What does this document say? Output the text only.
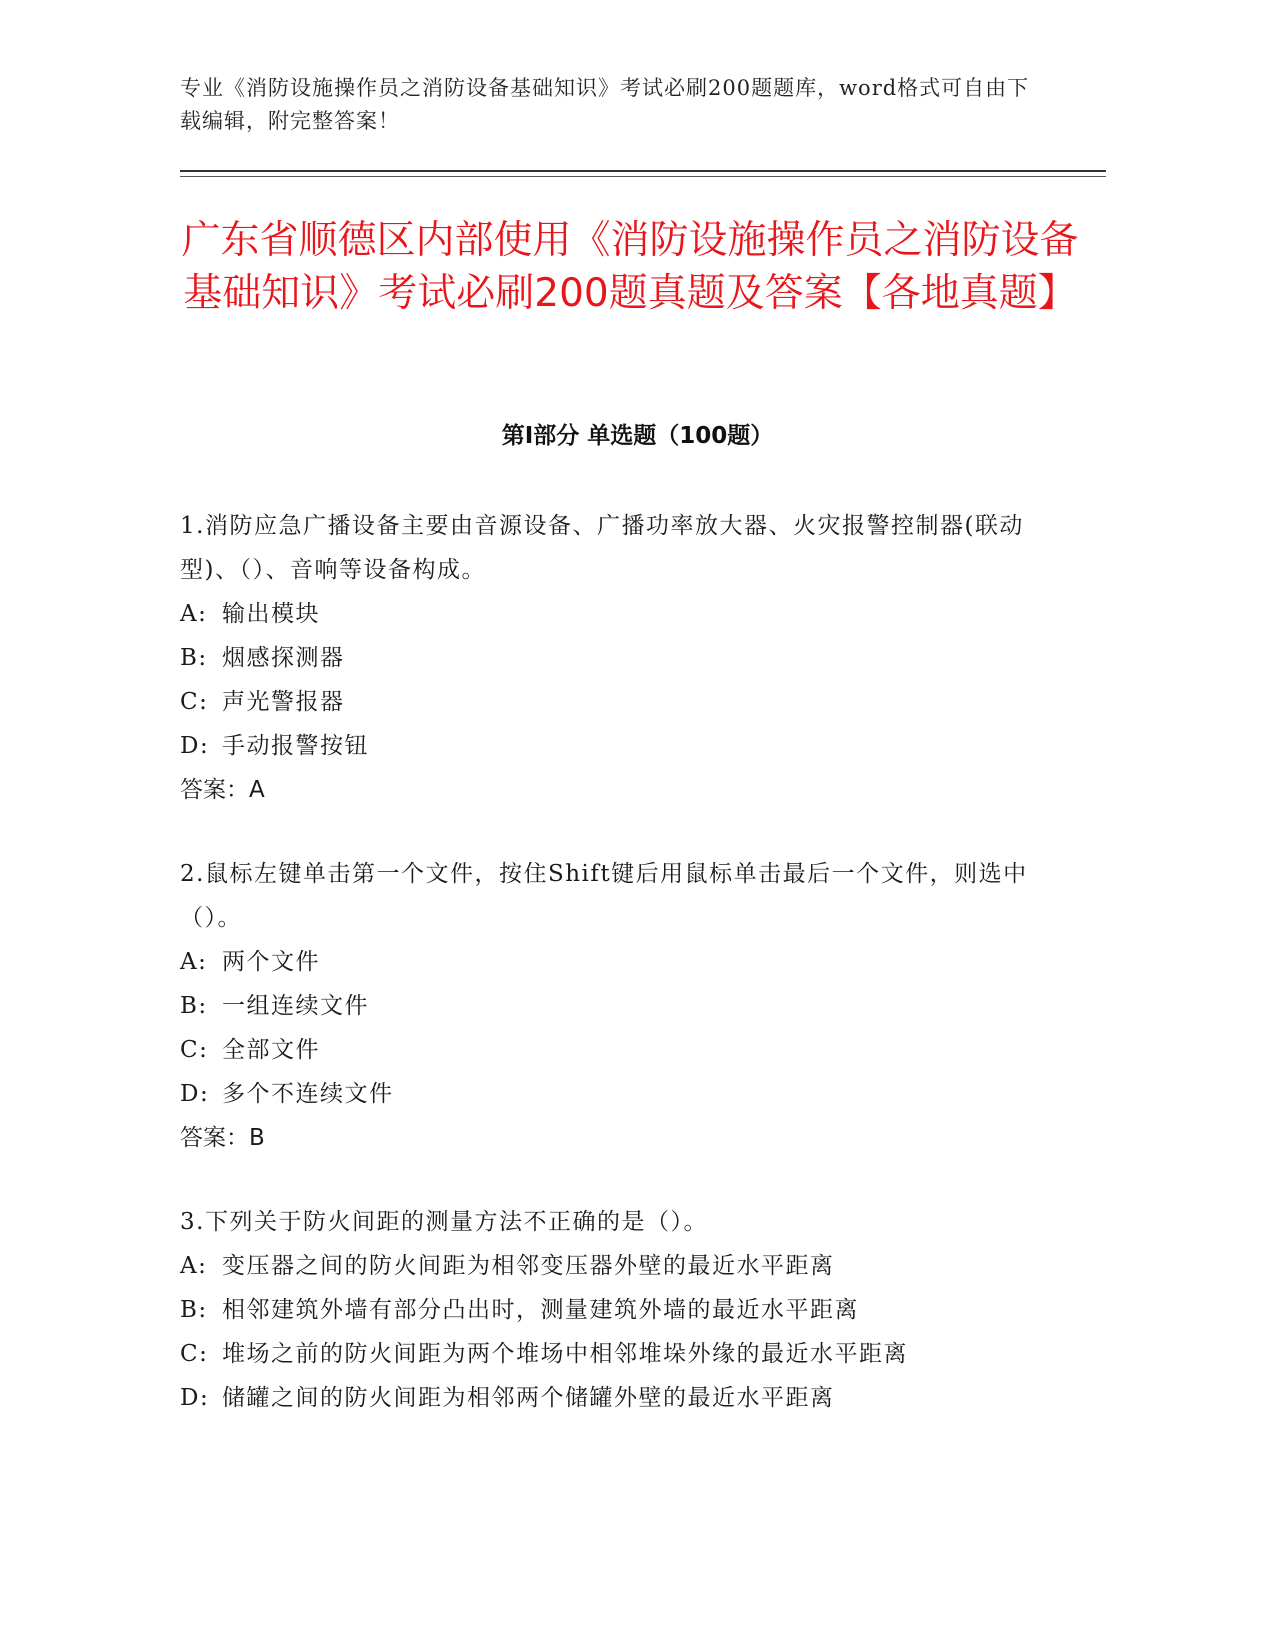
专业《消防设施操作员之消防设备基础知识》考试必刷200题题库，word格式可自由下载编辑，附完整答案！
广东省顺德区内部使用《消防设施操作员之消防设备基础知识》考试必刷200题真题及答案【各地真题】
第I部分 单选题（100题）

1.消防应急广播设备主要由音源设备、广播功率放大器、火灾报警控制器(联动型)、（）、音响等设备构成。

A: 输出模块

B: 烟感探测器

C: 声光警报器

D: 手动报警按钮

答案：A

2.鼠标左键单击第一个文件，按住Shift键后用鼠标单击最后一个文件，则选中（）。

A: 两个文件

B: 一组连续文件

C: 全部文件

D: 多个不连续文件

答案：B

3.下列关于防火间距的测量方法不正确的是（）。

A: 变压器之间的防火间距为相邻变压器外壁的最近水平距离

B: 相邻建筑外墙有部分凸出时，测量建筑外墙的最近水平距离

C: 堆场之前的防火间距为两个堆场中相邻堆垛外缘的最近水平距离

D: 储罐之间的防火间距为相邻两个储罐外壁的最近水平距离
